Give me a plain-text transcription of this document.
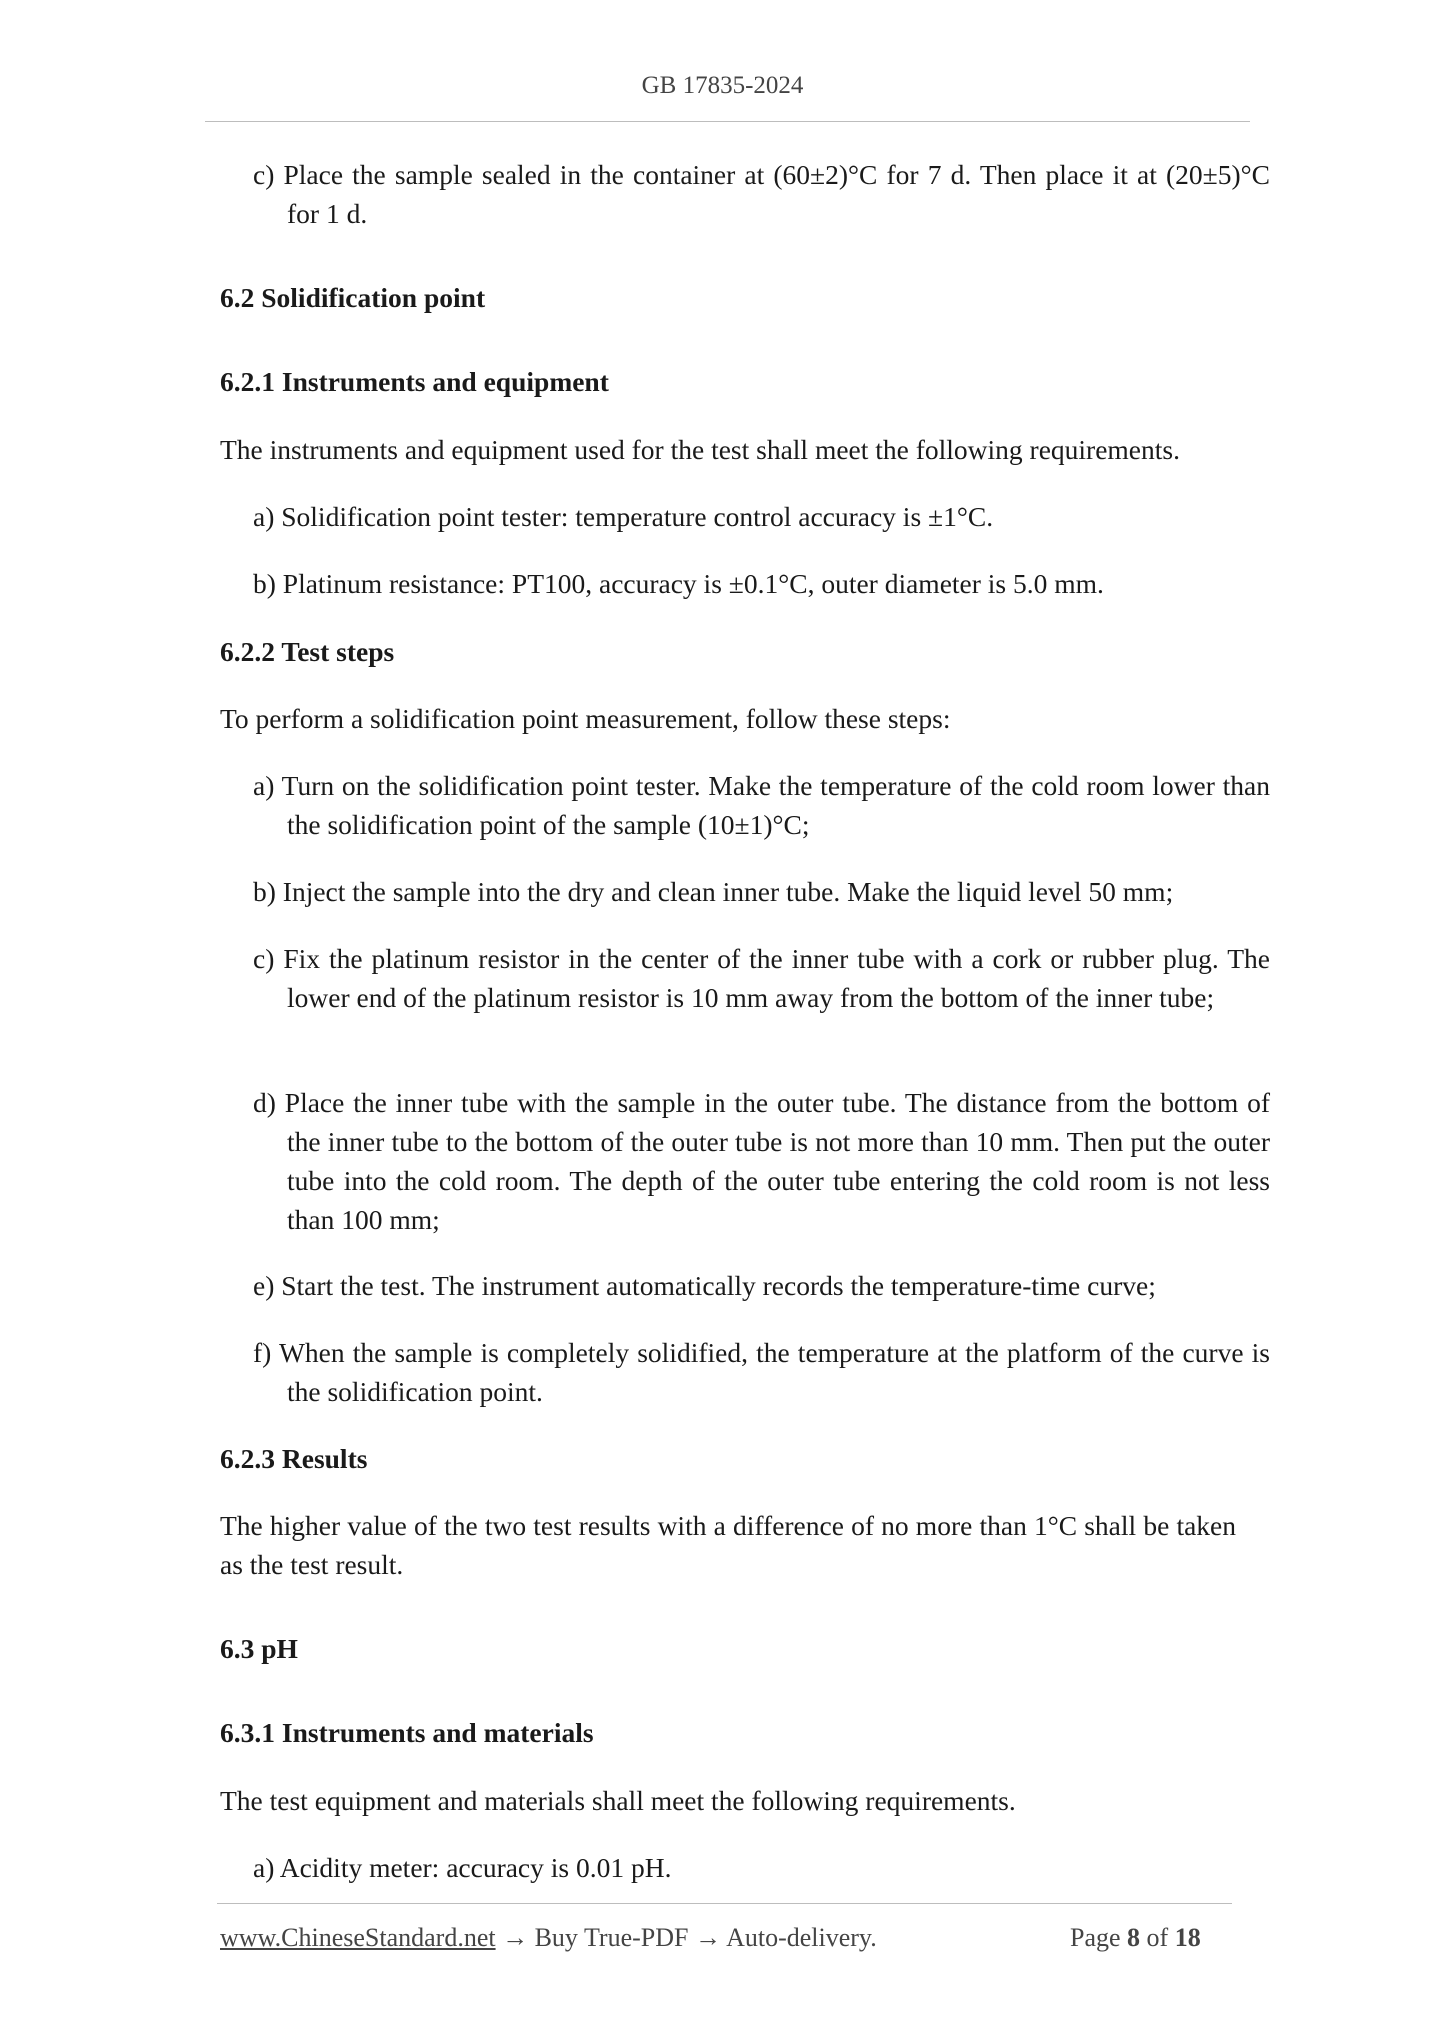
GB 17835-2024
c) Place the sample sealed in the container at (60±2)°C for 7 d. Then place it at (20±5)°C for 1 d.
6.2 Solidification point
6.2.1 Instruments and equipment
The instruments and equipment used for the test shall meet the following requirements.
a) Solidification point tester: temperature control accuracy is ±1°C.
b) Platinum resistance: PT100, accuracy is ±0.1°C, outer diameter is 5.0 mm.
6.2.2 Test steps
To perform a solidification point measurement, follow these steps:
a) Turn on the solidification point tester. Make the temperature of the cold room lower than the solidification point of the sample (10±1)°C;
b) Inject the sample into the dry and clean inner tube. Make the liquid level 50 mm;
c) Fix the platinum resistor in the center of the inner tube with a cork or rubber plug. The lower end of the platinum resistor is 10 mm away from the bottom of the inner tube;
d) Place the inner tube with the sample in the outer tube. The distance from the bottom of the inner tube to the bottom of the outer tube is not more than 10 mm. Then put the outer tube into the cold room. The depth of the outer tube entering the cold room is not less than 100 mm;
e) Start the test. The instrument automatically records the temperature-time curve;
f) When the sample is completely solidified, the temperature at the platform of the curve is the solidification point.
6.2.3 Results
The higher value of the two test results with a difference of no more than 1°C shall be taken as the test result.
6.3 pH
6.3.1 Instruments and materials
The test equipment and materials shall meet the following requirements.
a) Acidity meter: accuracy is 0.01 pH.
www.ChineseStandard.net → Buy True-PDF → Auto-delivery.	Page 8 of 18
